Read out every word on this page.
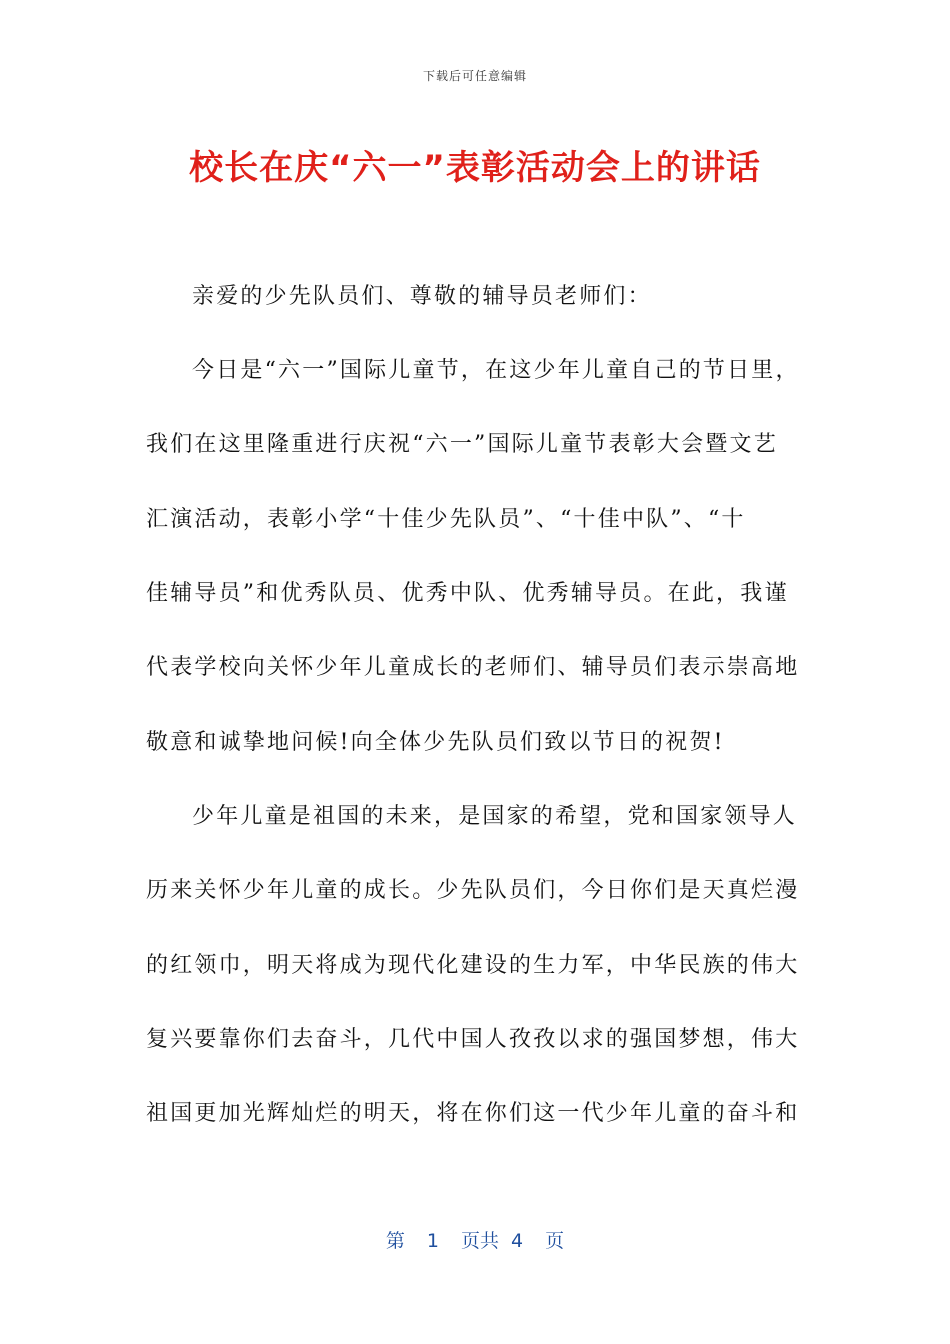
下载后可任意编辑
校长在庆“六一”表彰活动会上的讲话
亲爱的少先队员们、尊敬的辅导员老师们：
今日是“六一”国际儿童节，在这少年儿童自己的节日里，
我们在这里隆重进行庆祝“六一”国际儿童节表彰大会暨文艺
汇演活动，表彰小学“十佳少先队员”、“十佳中队”、“十
佳辅导员”和优秀队员、优秀中队、优秀辅导员。在此，我谨
代表学校向关怀少年儿童成长的老师们、辅导员们表示崇高地
敬意和诚挚地问候!向全体少先队员们致以节日的祝贺!
少年儿童是祖国的未来，是国家的希望，党和国家领导人
历来关怀少年儿童的成长。少先队员们，今日你们是天真烂漫
的红领巾，明天将成为现代化建设的生力军，中华民族的伟大
复兴要靠你们去奋斗，几代中国人孜孜以求的强国梦想，伟大
祖国更加光辉灿烂的明天，将在你们这一代少年儿童的奋斗和
第 1 页共 4 页
